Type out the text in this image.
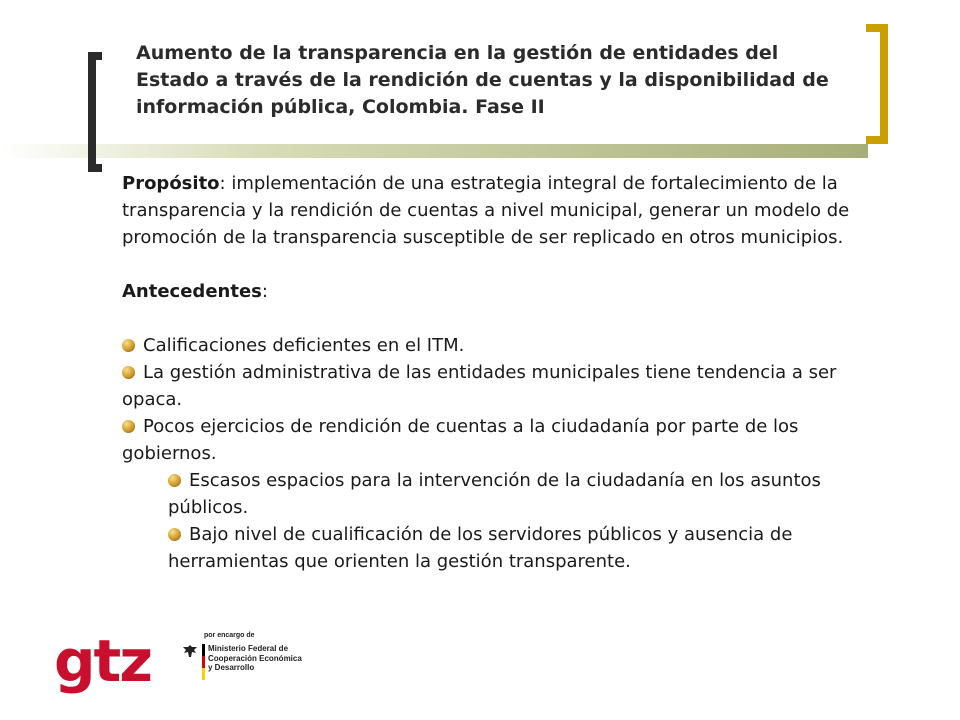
Aumento de la transparencia en la gestión de entidades del Estado a través de la rendición de cuentas y la disponibilidad de información pública, Colombia. Fase II

Propósito: implementación de una estrategia integral de fortalecimiento de la transparencia y la rendición de cuentas a nivel municipal, generar un modelo de promoción de la transparencia susceptible de ser replicado en otros municipios.

Antecedentes:

Calificaciones deficientes en el ITM.

La gestión administrativa de las entidades municipales tiene tendencia a ser opaca.

Pocos ejercicios de rendición de cuentas a la ciudadanía por parte de los gobiernos.

Escasos espacios para la intervención de la ciudadanía en los asuntos públicos.

Bajo nivel de cualificación de los servidores públicos y ausencia de herramientas que orienten la gestión transparente.

gtz	por encargo de
Ministerio Federal de
Cooperación Económica
y Desarrollo
